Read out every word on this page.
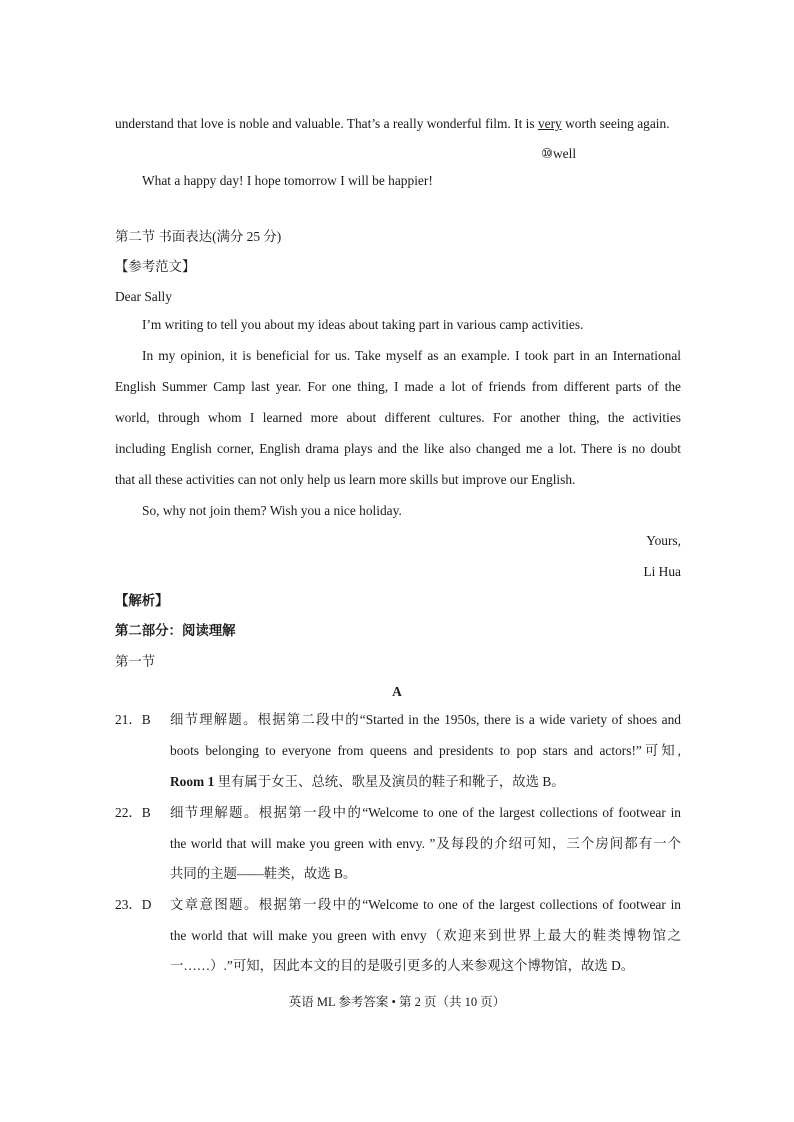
understand that love is noble and valuable. That’s a really wonderful film. It is very worth seeing again.
⑩well
What a happy day! I hope tomorrow I will be happier!
第二节 书面表达(满分 25 分)
【参考范文】
Dear Sally
I’m writing to tell you about my ideas about taking part in various camp activities.
In my opinion, it is beneficial for us. Take myself as an example. I took part in an International
English Summer Camp last year. For one thing, I made a lot of friends from different parts of the
world, through whom I learned more about different cultures. For another thing, the activities
including English corner, English drama plays and the like also changed me a lot. There is no doubt
that all these activities can not only help us learn more skills but improve our English.
So, why not join them? Wish you a nice holiday.
Yours,
Li Hua
【解析】
第二部分：阅读理解
第一节
A
21．B 细节理解题。根据第二段中的“Started in the 1950s, there is a wide variety of shoes and
boots belonging to everyone from queens and presidents to pop stars and actors!”可知,
Room 1 里有属于女王、总统、歌星及演员的鞋子和靴子，故选 B。
22．B 细节理解题。根据第一段中的“Welcome to one of the largest collections of footwear in
the world that will make you green with envy. ”及每段的介绍可知，三个房间都有一个
共同的主题——鞋类，故选 B。
23．D 文章意图题。根据第一段中的“Welcome to one of the largest collections of footwear in
the world that will make you green with envy（欢迎来到世界上最大的鞋类博物馆之
一……）.”可知，因此本文的目的是吸引更多的人来参观这个博物馆，故选 D。
英语 ML 参考答案 • 第 2 页（共 10 页）
